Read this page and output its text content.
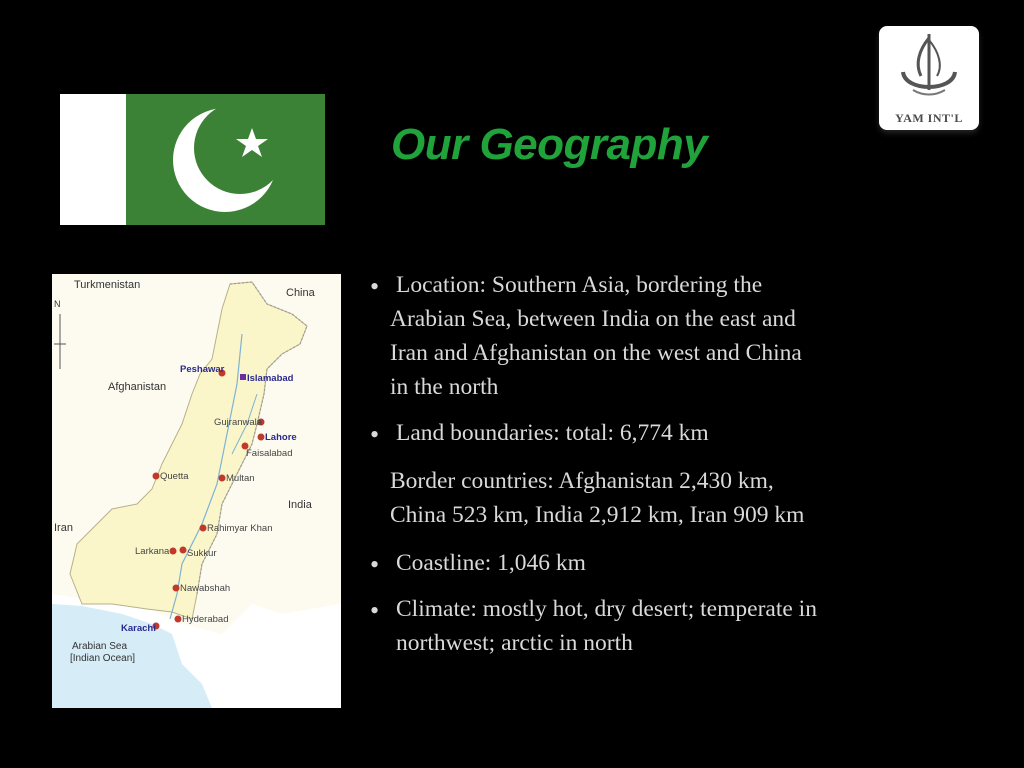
YAM INT'L
Our Geography
Turkmenistan
China
Afghanistan
India
Iran
N
Peshawar
Islamabad
Gujranwala
Lahore
Faisalabad
Quetta	Multan
Rahimyar Khan
Larkana Sukkur
Nawabshah
Hyderabad
Karachi
Arabian Sea
[Indian Ocean]
• Location: Southern Asia, bordering the
Arabian Sea, between India on the east and
Iran and Afghanistan on the west and China
in the north
• Land boundaries: total: 6,774 km
Border countries: Afghanistan 2,430 km,
China 523 km, India 2,912 km, Iran 909 km
• Coastline: 1,046 km
• Climate: mostly hot, dry desert; temperate in
northwest; arctic in north
